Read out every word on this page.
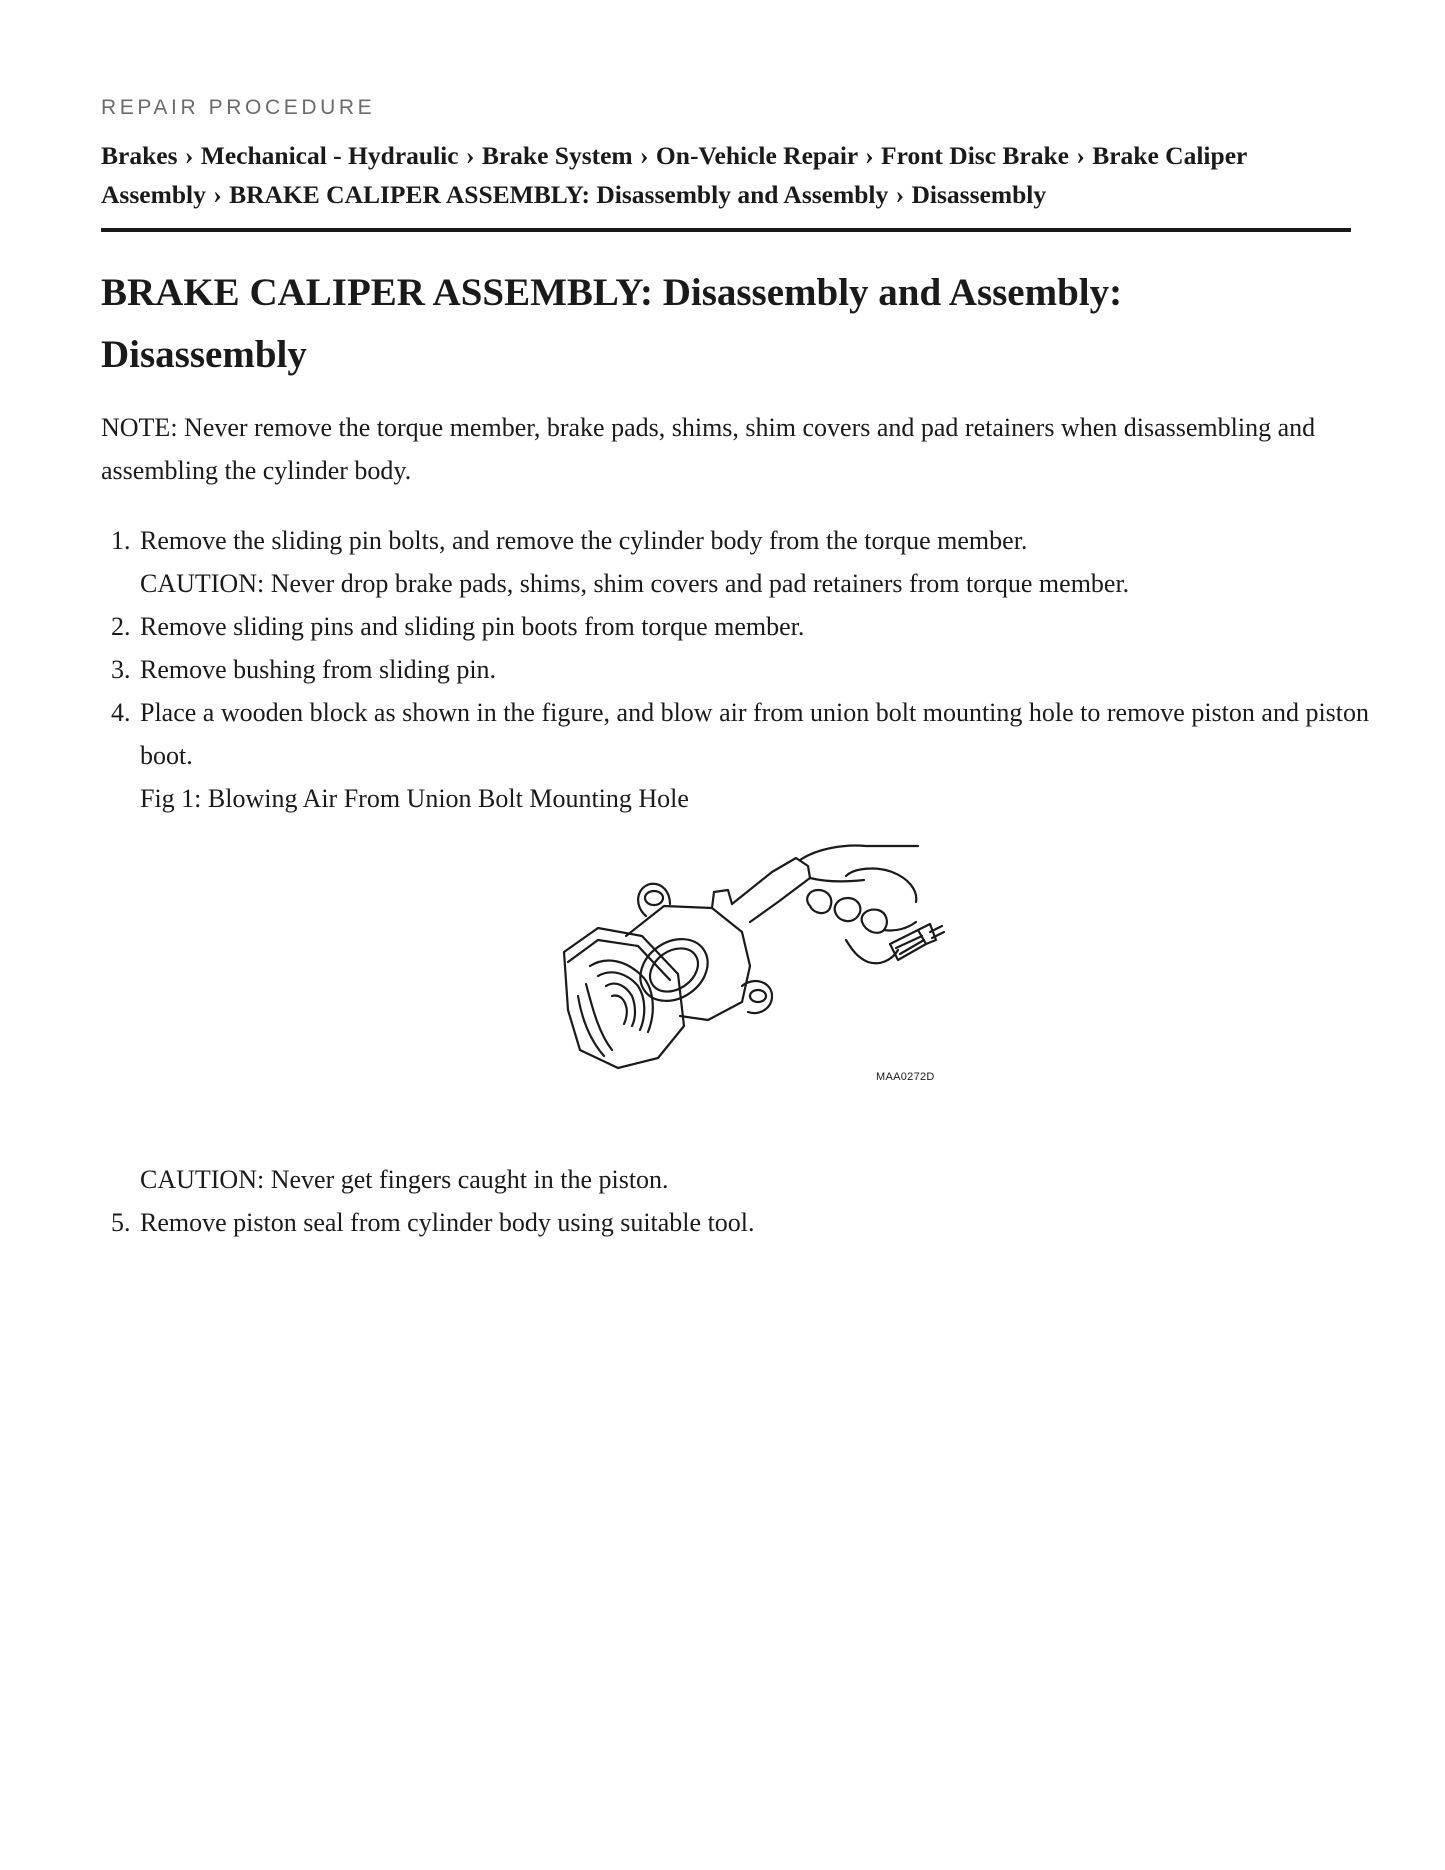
REPAIR PROCEDURE
Brakes › Mechanical - Hydraulic › Brake System › On-Vehicle Repair › Front Disc Brake › Brake Caliper Assembly › BRAKE CALIPER ASSEMBLY: Disassembly and Assembly › Disassembly
BRAKE CALIPER ASSEMBLY: Disassembly and Assembly: Disassembly

NOTE: Never remove the torque member, brake pads, shims, shim covers and pad retainers when disassembling and assembling the cylinder body.

1. Remove the sliding pin bolts, and remove the cylinder body from the torque member.
CAUTION: Never drop brake pads, shims, shim covers and pad retainers from torque member.
2. Remove sliding pins and sliding pin boots from torque member.
3. Remove bushing from sliding pin.
4. Place a wooden block as shown in the figure, and blow air from union bolt mounting hole to remove piston and piston boot.
Fig 1: Blowing Air From Union Bolt Mounting Hole
MAA0272D
CAUTION: Never get fingers caught in the piston.
5. Remove piston seal from cylinder body using suitable tool.
